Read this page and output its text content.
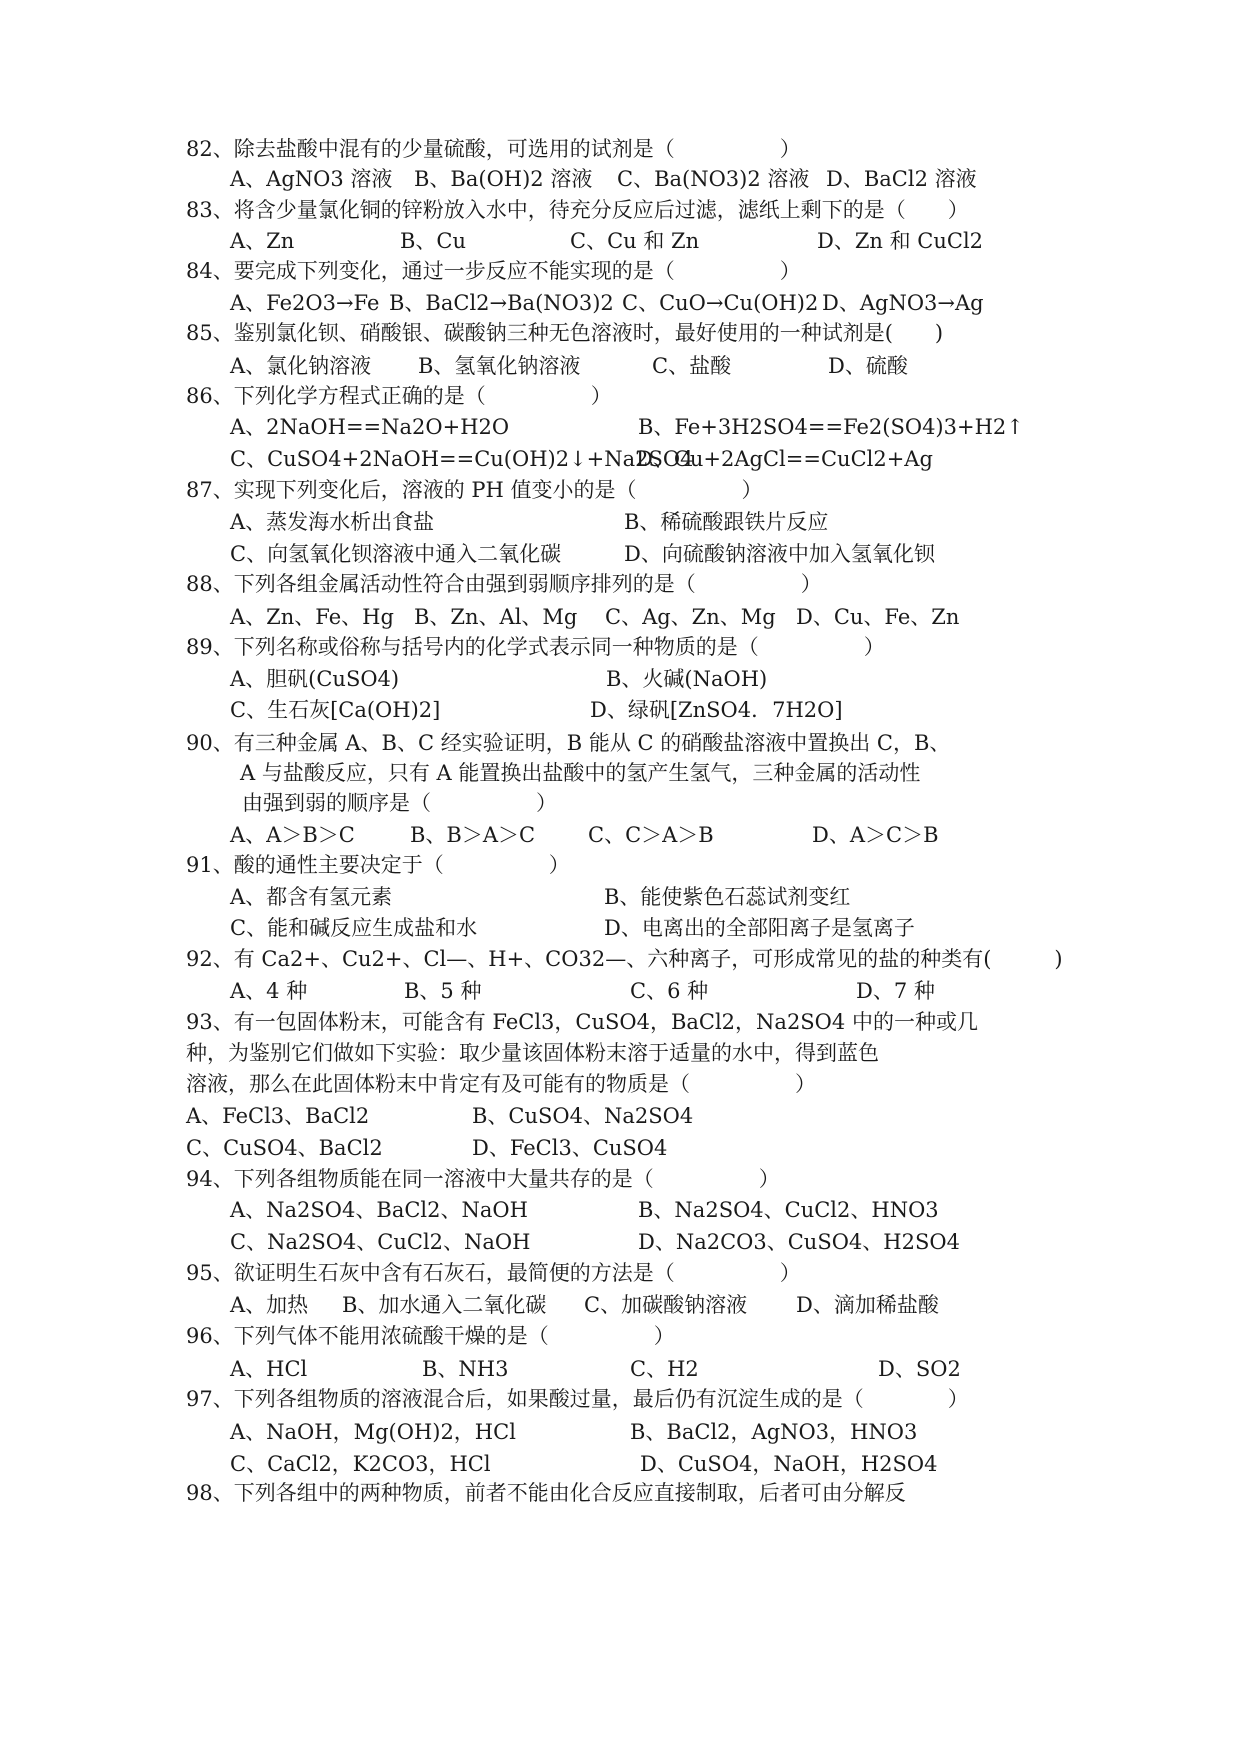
82、除去盐酸中混有的少量硫酸，可选用的试剂是（　　　　　）
A、AgNO3 溶液 B、Ba(OH)2 溶液 C、Ba(NO3)2 溶液 D、BaCl2 溶液
83、将含少量氯化铜的锌粉放入水中，待充分反应后过滤，滤纸上剩下的是（　　）
A、Zn	B、Cu	C、Cu 和 Zn	D、Zn 和 CuCl2
84、要完成下列变化，通过一步反应不能实现的是（　　　　　）
A、Fe2O3→Fe B、BaCl2→Ba(NO3)2 C、CuO→Cu(OH)2 D、AgNO3→Ag
85、鉴别氯化钡、硝酸银、碳酸钠三种无色溶液时，最好使用的一种试剂是(　　)
A、氯化钠溶液 B、氢氧化钠溶液	C、盐酸	D、硫酸
86、下列化学方程式正确的是（　　　　　）
A、2NaOH==Na2O+H2O	B、Fe+3H2SO4==Fe2(SO4)3+H2↑
C、CuSO4+2NaOH==Cu(OH)2↓+Na2SO4
D、Cu+2AgCl==CuCl2+Ag
87、实现下列变化后，溶液的 PH 值变小的是（　　　　　）
A、蒸发海水析出食盐	B、稀硫酸跟铁片反应
C、向氢氧化钡溶液中通入二氧化碳	D、向硫酸钠溶液中加入氢氧化钡
88、下列各组金属活动性符合由强到弱顺序排列的是（　　　　　）
A、Zn、Fe、Hg B、Zn、Al、Mg C、Ag、Zn、Mg D、Cu、Fe、Zn
89、下列名称或俗称与括号内的化学式表示同一种物质的是（　　　　　）
A、胆矾(CuSO4)	B、火碱(NaOH)
C、生石灰[Ca(OH)2]	D、绿矾[ZnSO4．7H2O]
90、有三种金属 A、B、C 经实验证明，B 能从 C 的硝酸盐溶液中置换出 C，B、
A 与盐酸反应，只有 A 能置换出盐酸中的氢产生氢气，三种金属的活动性
由强到弱的顺序是（　　　　　）
A、A＞B＞C	B、B＞A＞C	C、C＞A＞B	D、A＞C＞B
91、酸的通性主要决定于（　　　　　）
A、都含有氢元素	B、能使紫色石蕊试剂变红
C、能和碱反应生成盐和水	D、电离出的全部阳离子是氢离子
92、有 Ca2+、Cu2+、Cl—、H+、CO32—、六种离子，可形成常见的盐的种类有(　　　)
A、4 种	B、5 种	C、6 种	D、7 种
93、有一包固体粉末，可能含有 FeCl3，CuSO4，BaCl2，Na2SO4 中的一种或几
种，为鉴别它们做如下实验：取少量该固体粉末溶于适量的水中，得到蓝色
溶液，那么在此固体粉末中肯定有及可能有的物质是（　　　　　）
A、FeCl3、BaCl2	B、CuSO4、Na2SO4
C、CuSO4、BaCl2	D、FeCl3、CuSO4
94、下列各组物质能在同一溶液中大量共存的是（　　　　　）
A、Na2SO4、BaCl2、NaOH	B、Na2SO4、CuCl2、HNO3
C、Na2SO4、CuCl2、NaOH	D、Na2CO3、CuSO4、H2SO4
95、欲证明生石灰中含有石灰石，最简便的方法是（　　　　　）
A、加热 B、加水通入二氧化碳 C、加碳酸钠溶液 D、滴加稀盐酸
96、下列气体不能用浓硫酸干燥的是（　　　　　）
A、HCl	B、NH3	C、H2	D、SO2
97、下列各组物质的溶液混合后，如果酸过量，最后仍有沉淀生成的是（　　　　）
A、NaOH，Mg(OH)2，HCl	B、BaCl2，AgNO3，HNO3
C、CaCl2，K2CO3，HCl	D、CuSO4，NaOH，H2SO4
98、下列各组中的两种物质，前者不能由化合反应直接制取，后者可由分解反
